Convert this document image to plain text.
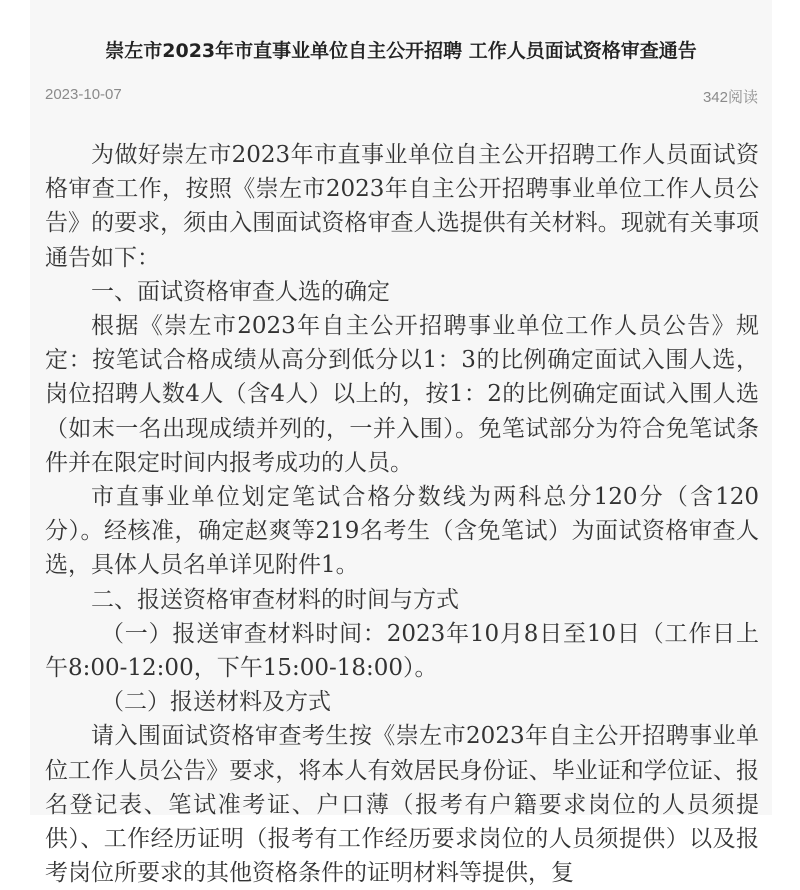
崇左市2023年市直事业单位自主公开招聘 工作人员面试资格审查通告
2023-10-07	342阅读

为做好崇左市2023年市直事业单位自主公开招聘工作人员面试资格审查工作，按照《崇左市2023年自主公开招聘事业单位工作人员公告》的要求，须由入围面试资格审查人选提供有关材料。现就有关事项通告如下：

一、面试资格审查人选的确定

根据《崇左市2023年自主公开招聘事业单位工作人员公告》规定：按笔试合格成绩从高分到低分以1：3的比例确定面试入围人选，岗位招聘人数4人（含4人）以上的，按1：2的比例确定面试入围人选（如末一名出现成绩并列的，一并入围）。免笔试部分为符合免笔试条件并在限定时间内报考成功的人员。

市直事业单位划定笔试合格分数线为两科总分120分（含120分）。经核准，确定赵爽等219名考生（含免笔试）为面试资格审查人选，具体人员名单详见附件1。

二、报送资格审查材料的时间与方式

（一）报送审查材料时间：2023年10月8日至10日（工作日上午8:00-12:00，下午15:00-18:00）。

（二）报送材料及方式

请入围面试资格审查考生按《崇左市2023年自主公开招聘事业单位工作人员公告》要求，将本人有效居民身份证、毕业证和学位证、报名登记表、笔试准考证、户口薄（报考有户籍要求岗位的人员须提供）、工作经历证明（报考有工作经历要求岗位的人员须提供）以及报考岗位所要求的其他资格条件的证明材料等提供，复
